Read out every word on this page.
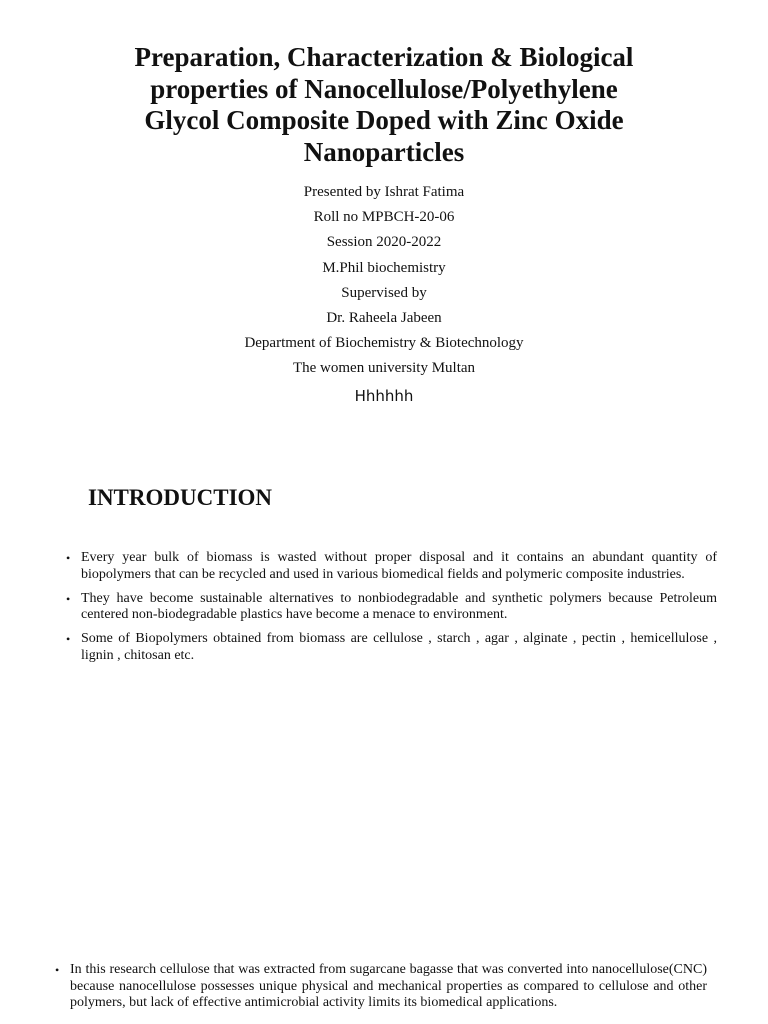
Preparation, Characterization & Biological properties of Nanocellulose/Polyethylene Glycol Composite Doped with Zinc Oxide Nanoparticles
Presented by Ishrat Fatima
Roll no MPBCH-20-06
Session 2020-2022
M.Phil biochemistry
Supervised by
Dr. Raheela Jabeen
Department of Biochemistry & Biotechnology
The women university Multan
Hhhhhh
INTRODUCTION
• Every year bulk of biomass is wasted without proper disposal and it contains an abundant quantity of biopolymers that can be recycled and used in various biomedical fields and polymeric composite industries.
• They have become sustainable alternatives to nonbiodegradable and synthetic polymers because Petroleum centered non-biodegradable plastics have become a menace to environment.
• Some of Biopolymers obtained from biomass are cellulose , starch , agar , alginate , pectin , hemicellulose , lignin , chitosan etc.
• In this research cellulose that was extracted from sugarcane bagasse that was converted into nanocellulose(CNC) because nanocellulose possesses unique physical and mechanical properties as compared to cellulose and other polymers, but lack of effective antimicrobial activity limits its biomedical applications.
